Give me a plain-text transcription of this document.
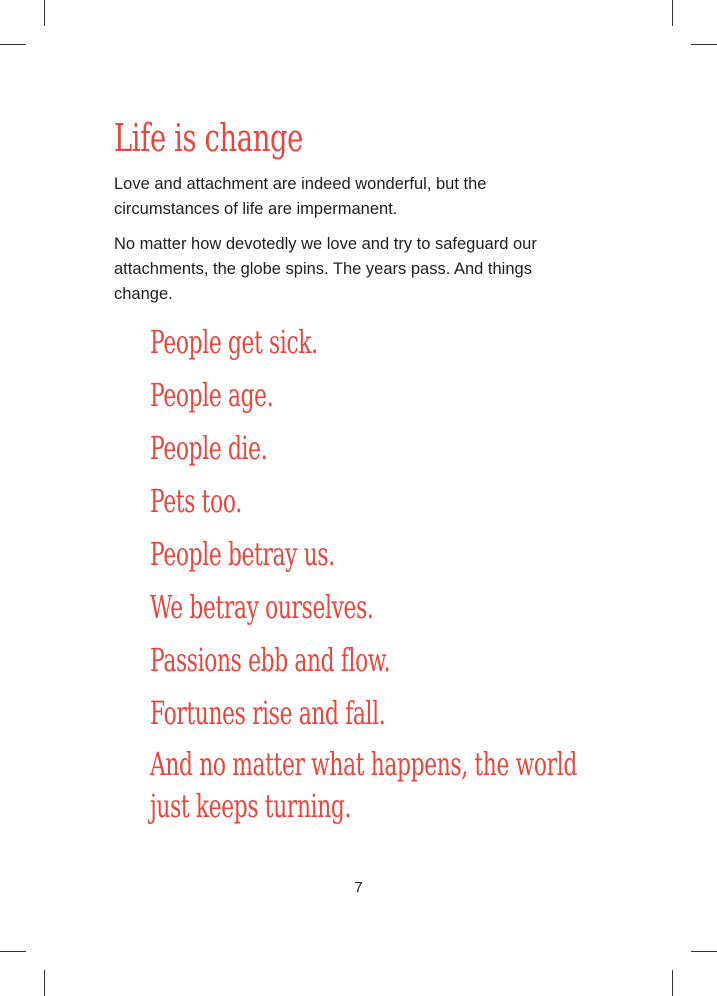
Life is change

Love and attachment are indeed wonderful, but the circumstances of life are impermanent.

No matter how devotedly we love and try to safeguard our attachments, the globe spins. The years pass. And things change.

People get sick.
People age.
People die.
Pets too.
People betray us.
We betray ourselves.
Passions ebb and flow.
Fortunes rise and fall.
And no matter what happens, the world just keeps turning.
7
